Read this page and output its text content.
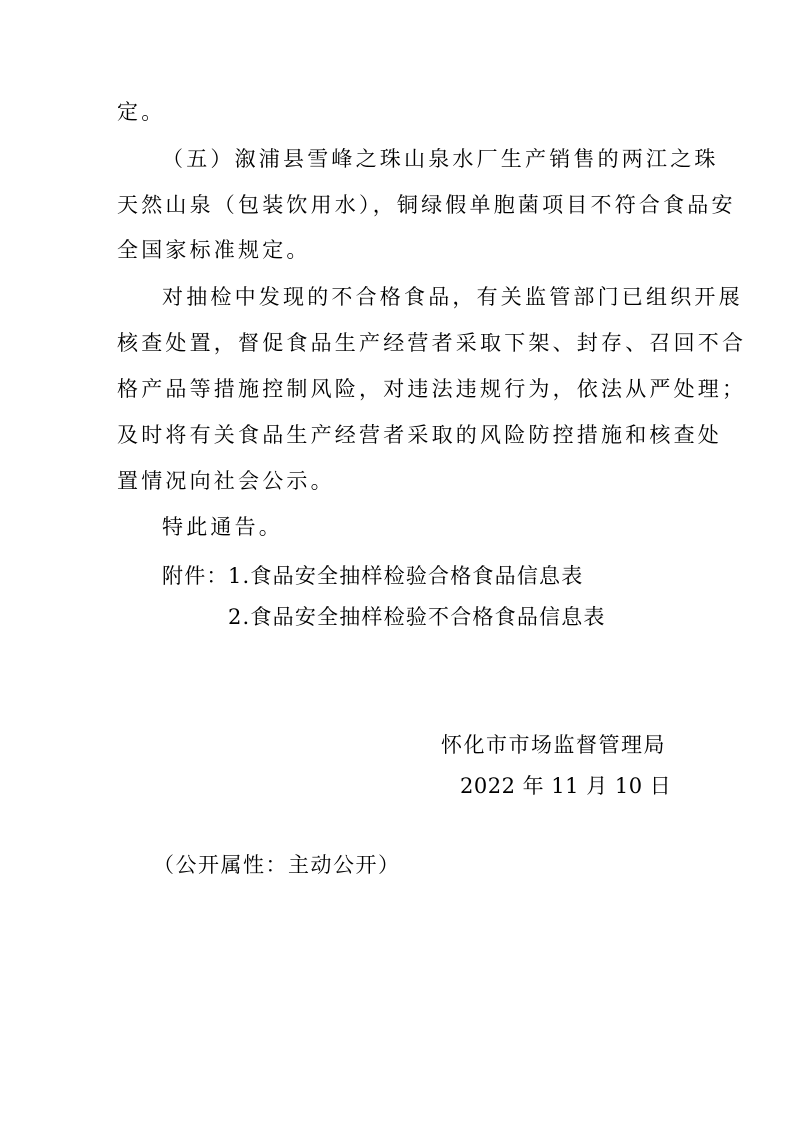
定。

（五）溆浦县雪峰之珠山泉水厂生产销售的两江之珠

天然山泉（包装饮用水），铜绿假单胞菌项目不符合食品安

全国家标准规定。

对抽检中发现的不合格食品，有关监管部门已组织开展

核查处置，督促食品生产经营者采取下架、封存、召回不合

格产品等措施控制风险，对违法违规行为，依法从严处理；

及时将有关食品生产经营者采取的风险防控措施和核查处

置情况向社会公示。

特此通告。

附件： 1.食品安全抽样检验合格食品信息表
2.食品安全抽样检验不合格食品信息表

怀化市市场监督管理局

2022 年 11 月 10 日

（公开属性：主动公开）
